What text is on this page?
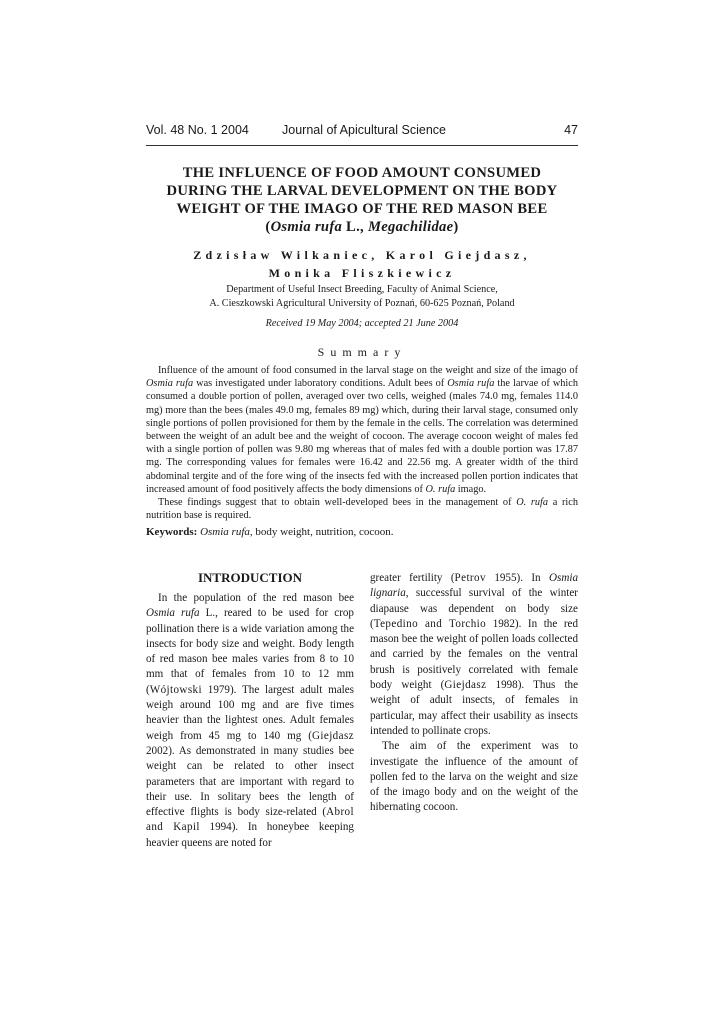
Vol. 48 No. 1 2004	Journal of Apicultural Science	47
THE INFLUENCE OF FOOD AMOUNT CONSUMED
DURING THE LARVAL DEVELOPMENT ON THE BODY
WEIGHT OF THE IMAGO OF THE RED MASON BEE
(Osmia rufa L., Megachilidae)
Zdzisław Wilkaniec, Karol Giejdasz,
Monika Fliszkiewicz
Department of Useful Insect Breeding, Faculty of Animal Science,
A. Cieszkowski Agricultural University of Poznań, 60-625 Poznań, Poland
Received 19 May 2004; accepted 21 June 2004
Summary

Influence of the amount of food consumed in the larval stage on the weight and size of the imago of Osmia rufa was investigated under laboratory conditions. Adult bees of Osmia rufa the larvae of which consumed a double portion of pollen, averaged over two cells, weighed (males 74.0 mg, females 114.0 mg) more than the bees (males 49.0 mg, females 89 mg) which, during their larval stage, consumed only single portions of pollen provisioned for them by the female in the cells. The correlation was determined between the weight of an adult bee and the weight of cocoon. The average cocoon weight of males fed with a single portion of pollen was 9.80 mg whereas that of males fed with a double portion was 17.87 mg. The corresponding values for females were 16.42 and 22.56 mg. A greater width of the third abdominal tergite and of the fore wing of the insects fed with the increased pollen portion indicates that increased amount of food positively affects the body dimensions of O. rufa imago.

These findings suggest that to obtain well-developed bees in the management of O. rufa a rich nutrition base is required.

Keywords: Osmia rufa, body weight, nutrition, cocoon.

INTRODUCTION

In the population of the red mason bee Osmia rufa L., reared to be used for crop pollination there is a wide variation among the insects for body size and weight. Body length of red mason bee males varies from 8 to 10 mm that of females from 10 to 12 mm (Wójtowski 1979). The largest adult males weigh around 100 mg and are five times heavier than the lightest ones. Adult females weigh from 45 mg to 140 mg (Giejdasz 2002). As demonstrated in many studies bee weight can be related to other insect parameters that are important with regard to their use. In solitary bees the length of effective flights is body size-related (Abrol and Kapil 1994). In honeybee keeping heavier queens are noted for

greater fertility (Petrov 1955). In Osmia lignaria, successful survival of the winter diapause was dependent on body size (Tepedino and Torchio 1982). In the red mason bee the weight of pollen loads collected and carried by the females on the ventral brush is positively correlated with female body weight (Giejdasz 1998). Thus the weight of adult insects, of females in particular, may affect their usability as insects intended to pollinate crops.

The aim of the experiment was to investigate the influence of the amount of pollen fed to the larva on the weight and size of the imago body and on the weight of the hibernating cocoon.
